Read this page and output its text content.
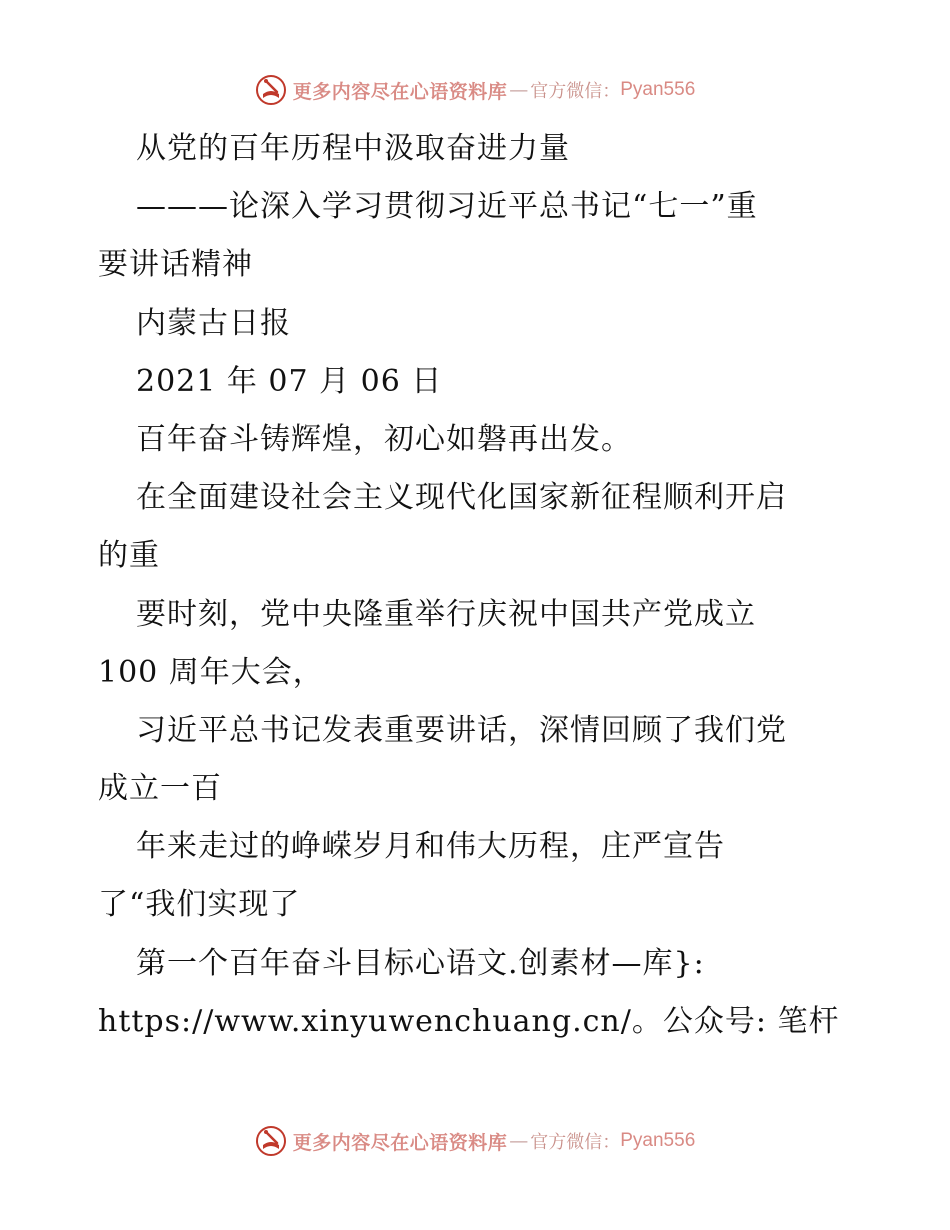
更多内容尽在心语资料库 — 官方微信： Pyan556
从党的百年历程中汲取奋进力量
———论深入学习贯彻习近平总书记“七一”重
要讲话精神
内蒙古日报
2021 年 07 月 06 日
百年奋斗铸辉煌，初心如磐再出发。
在全面建设社会主义现代化国家新征程顺利开启
的重
要时刻，党中央隆重举行庆祝中国共产党成立
100 周年大会，
习近平总书记发表重要讲话，深情回顾了我们党
成立一百
年来走过的峥嵘岁月和伟大历程，庄严宣告
了“我们实现了
第一个百年奋斗目标心语文.创素材—库}:
https://www.xinyuwenchuang.cn/。公众号: 笔杆
更多内容尽在心语资料库 — 官方微信： Pyan556
